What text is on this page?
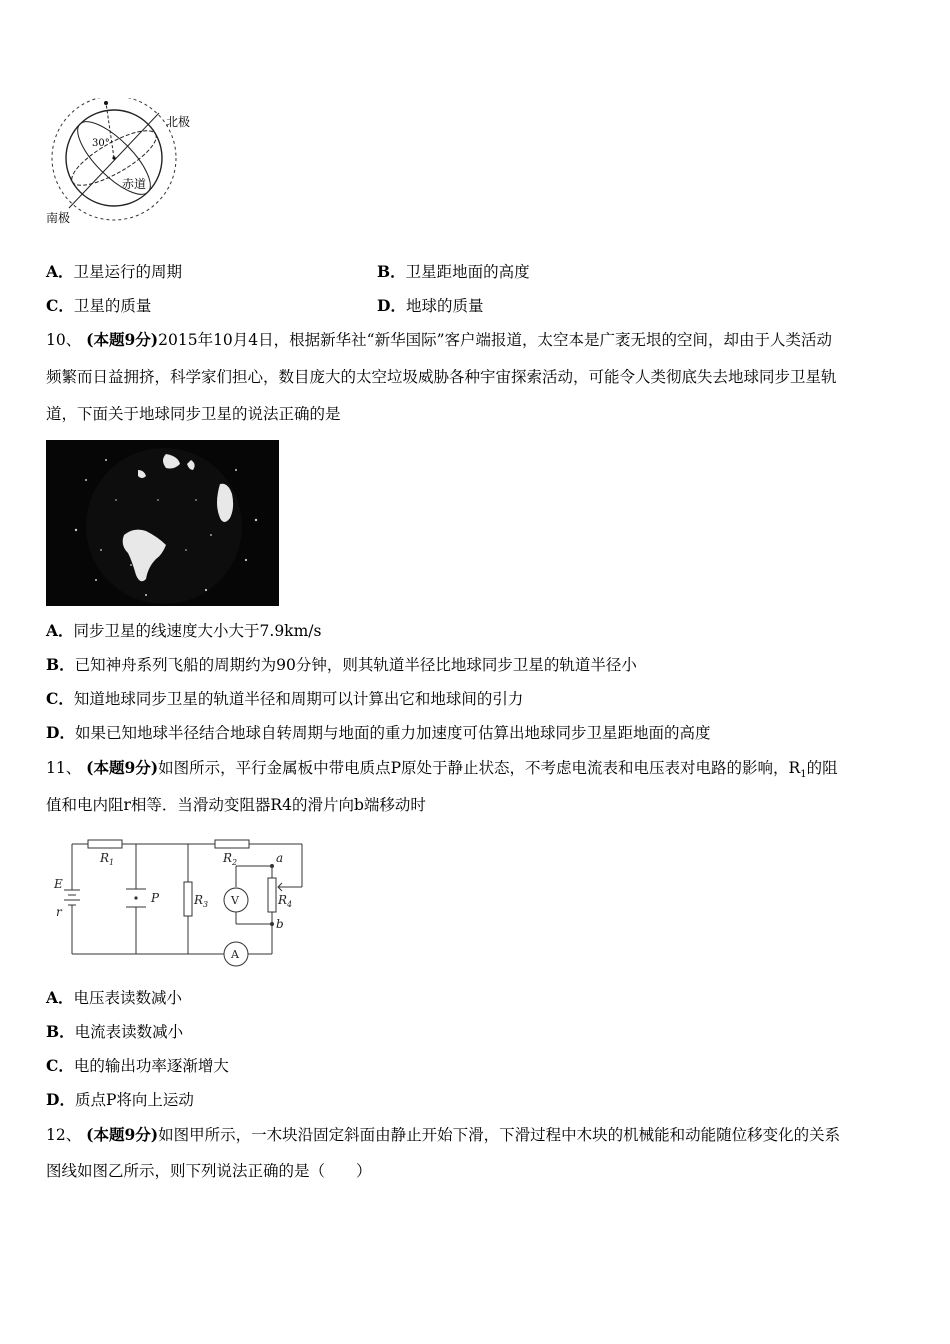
北极
南极
赤道
30°
A．卫星运行的周期	B．卫星距地面的高度
C．卫星的质量	D．地球的质量
10、 (本题9分)2015年10月4日，根据新华社“新华国际”客户端报道，太空本是广袤无垠的空间，却由于人类活动
频繁而日益拥挤，科学家们担心，数目庞大的太空垃圾威胁各种宇宙探索活动，可能令人类彻底失去地球同步卫星轨
道，下面关于地球同步卫星的说法正确的是
A．同步卫星的线速度大小大于7.9km/s
B．已知神舟系列飞船的周期约为90分钟，则其轨道半径比地球同步卫星的轨道半径小
C．知道地球同步卫星的轨道半径和周期可以计算出它和地球间的引力
D．如果已知地球半径结合地球自转周期与地面的重力加速度可估算出地球同步卫星距地面的高度
11、 (本题9分)如图所示，平行金属板中带电质点P原处于静止状态，不考虑电流表和电压表对电路的影响，$R_1$的阻
值和电内阻r相等．当滑动变阻器R4的滑片向b端移动时
E
r
$R_1$	$R_2$
$R_3$	$R_4$
P
a
b
V
A
A．电压表读数减小
B．电流表读数减小
C．电的输出功率逐渐增大
D．质点P将向上运动
12、 (本题9分)如图甲所示，一木块沿固定斜面由静止开始下滑，下滑过程中木块的机械能和动能随位移变化的关系
图线如图乙所示，则下列说法正确的是（　　）
